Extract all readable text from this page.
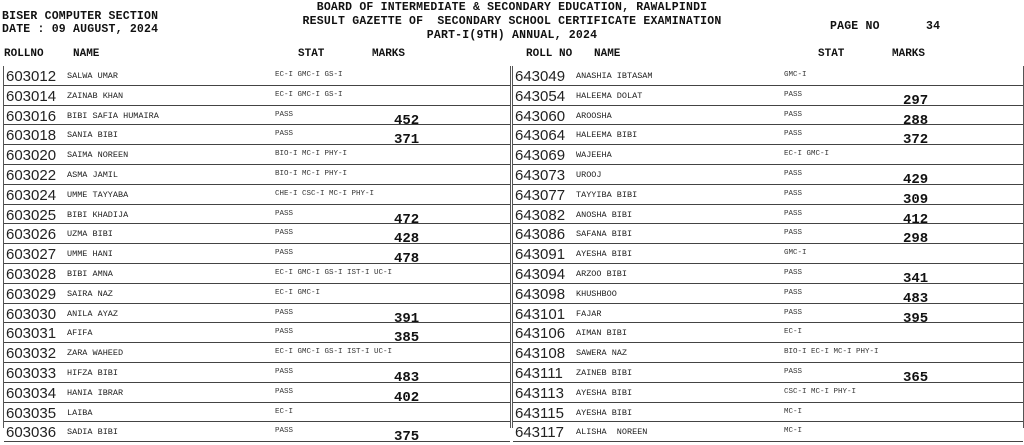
BISER COMPUTER SECTION
DATE : 09 AUGUST, 2024
BOARD OF INTERMEDIATE & SECONDARY EDUCATION, RAWALPINDI
RESULT GAZETTE OF  SECONDARY SCHOOL CERTIFICATE EXAMINATION
PART-I(9TH) ANNUAL, 2024
PAGE NO	34
ROLLNO	NAME	STAT	MARKS	ROLL NO NAME	STAT	MARKS
603012 SALWA UMAR	EC-I GMC-I GS-I
603014 ZAINAB KHAN	EC-I GMC-I GS-I
603016 BIBI SAFIA HUMAIRA	PASS	452
603018 SANIA BIBI	PASS	371
603020 SAIMA NOREEN	BIO-I MC-I PHY-I
603022 ASMA JAMIL	BIO-I MC-I PHY-I
603024 UMME TAYYABA	CHE-I CSC-I MC-I PHY-I
603025 BIBI KHADIJA	PASS	472
603026 UZMA BIBI	PASS	428
603027 UMME HANI	PASS	478
603028 BIBI AMNA	EC-I GMC-I GS-I IST-I UC-I
603029 SAIRA NAZ	EC-I GMC-I
603030 ANILA AYAZ	PASS	391
603031 AFIFA	PASS	385
603032 ZARA WAHEED	EC-I GMC-I GS-I IST-I UC-I
603033 HIFZA BIBI	PASS	483
603034 HANIA IBRAR	PASS	402
603035 LAIBA	EC-I
603036 SADIA BIBI	PASS	375
643049 ANASHIA IBTASAM	GMC-I
643054 HALEEMA DOLAT	PASS	297
643060 AROOSHA	PASS	288
643064 HALEEMA BIBI	PASS	372
643069 WAJEEHA	EC-I GMC-I
643073 UROOJ	PASS	429
643077 TAYYIBA BIBI	PASS	309
643082 ANOSHA BIBI	PASS	412
643086 SAFANA BIBI	PASS	298
643091 AYESHA BIBI	GMC-I
643094 ARZOO BIBI	PASS	341
643098 KHUSHBOO	PASS	483
643101 FAJAR	PASS	395
643106 AIMAN BIBI	EC-I
643108 SAWERA NAZ	BIO-I EC-I MC-I PHY-I
643111 ZAINEB BIBI	PASS	365
643113 AYESHA BIBI	CSC-I MC-I PHY-I
643115 AYESHA BIBI	MC-I
643117 ALISHA  NOREEN	MC-I
